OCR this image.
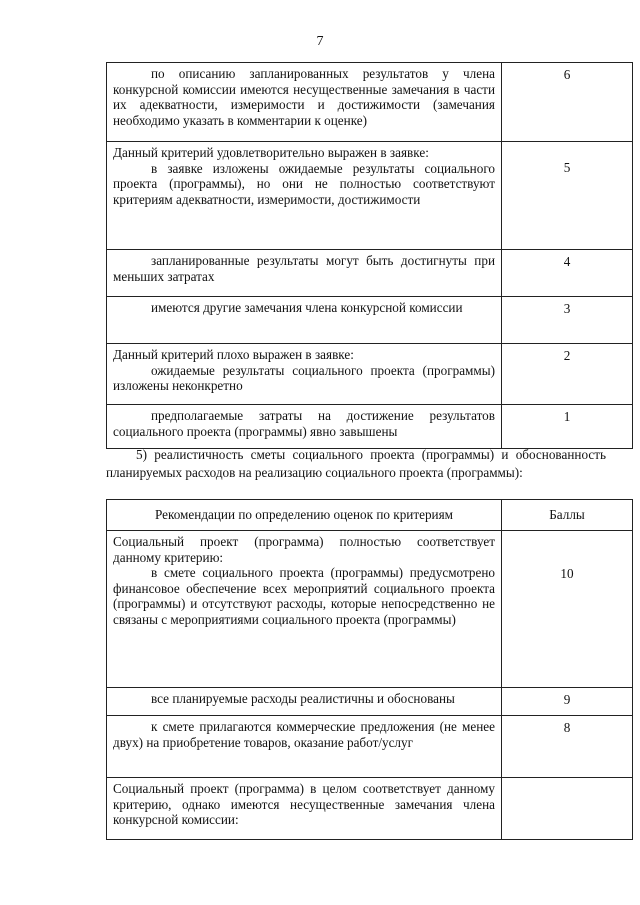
7
по описанию запланированных результатов у члена конкурсной комиссии имеются несущественные замечания в части их адекватности, измеримости и достижимости (замечания необходимо указать в комментарии к оценке)	6

Данный критерий удовлетворительно выражен в заявке:
в заявке изложены ожидаемые результаты социального проекта (программы), но они не полностью соответствуют критериям адекватности, измеримости, достижимости	5

запланированные результаты могут быть достигнуты при меньших затратах	4

имеются другие замечания члена конкурсной комиссии	3

Данный критерий плохо выражен в заявке:
ожидаемые результаты социального проекта (программы) изложены неконкретно	2

предполагаемые затраты на достижение результатов социального проекта (программы) явно завышены	1
5) реалистичность сметы социального проекта (программы) и обоснованность планируемых расходов на реализацию социального проекта (программы):
Рекомендации по определению оценок по критериям	Баллы

Социальный проект (программа) полностью соответствует данному критерию:
в смете социального проекта (программы) предусмотрено финансовое обеспечение всех мероприятий социального проекта (программы) и отсутствуют расходы, которые непосредственно не связаны с мероприятиями социального проекта (программы)	10

все планируемые расходы реалистичны и обоснованы	9

к смете прилагаются коммерческие предложения (не менее двух) на приобретение товаров, оказание работ/услуг	8

Социальный проект (программа) в целом соответствует данному критерию, однако имеются несущественные замечания члена конкурсной комиссии:	
